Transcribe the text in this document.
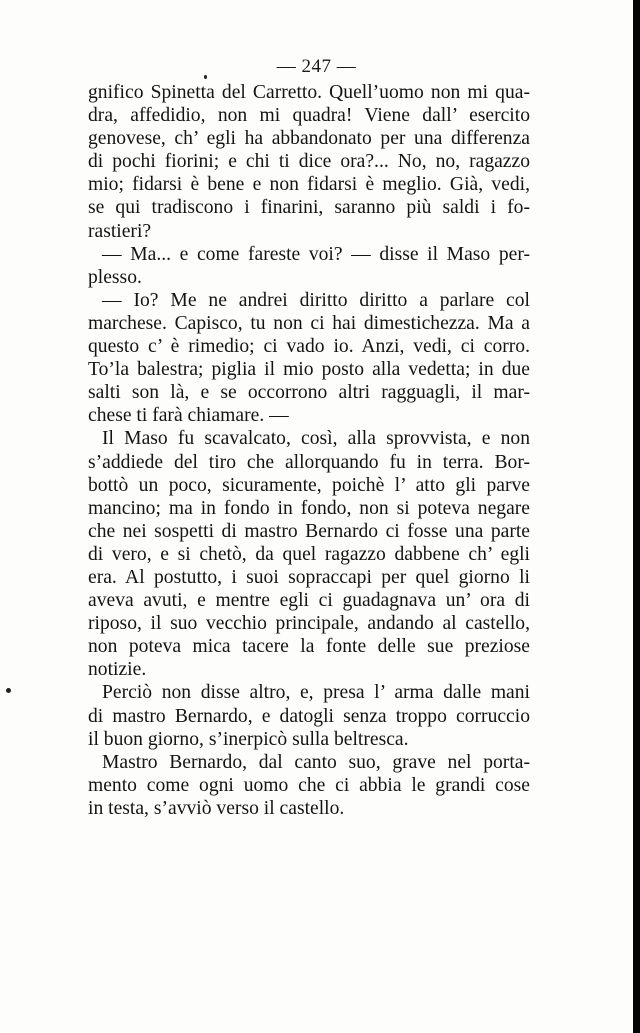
— 247 —
gnifico Spinetta del Carretto. Quell’uomo non mi qua-
dra, affedidio, non mi quadra! Viene dall’ esercito
genovese, ch’ egli ha abbandonato per una differenza
di pochi fiorini; e chi ti dice ora?... No, no, ragazzo
mio; fidarsi è bene e non fidarsi è meglio. Già, vedi,
se qui tradiscono i finarini, saranno più saldi i fo-
rastieri?
— Ma... e come fareste voi? — disse il Maso per-
plesso.
— Io? Me ne andrei diritto diritto a parlare col
marchese. Capisco, tu non ci hai dimestichezza. Ma a
questo c’ è rimedio; ci vado io. Anzi, vedi, ci corro.
To’la balestra; piglia il mio posto alla vedetta; in due
salti son là, e se occorrono altri ragguagli, il mar-
chese ti farà chiamare. —
Il Maso fu scavalcato, così, alla sprovvista, e non
s’addiede del tiro che allorquando fu in terra. Bor-
bottò un poco, sicuramente, poichè l’ atto gli parve
mancino; ma in fondo in fondo, non si poteva negare
che nei sospetti di mastro Bernardo ci fosse una parte
di vero, e si chetò, da quel ragazzo dabbene ch’ egli
era. Al postutto, i suoi sopraccapi per quel giorno li
aveva avuti, e mentre egli ci guadagnava un’ ora di
riposo, il suo vecchio principale, andando al castello,
non poteva mica tacere la fonte delle sue preziose
notizie.
Perciò non disse altro, e, presa l’ arma dalle mani
di mastro Bernardo, e datogli senza troppo corruccio
il buon giorno, s’inerpicò sulla beltresca.
Mastro Bernardo, dal canto suo, grave nel porta-
mento come ogni uomo che ci abbia le grandi cose
in testa, s’avviò verso il castello.
